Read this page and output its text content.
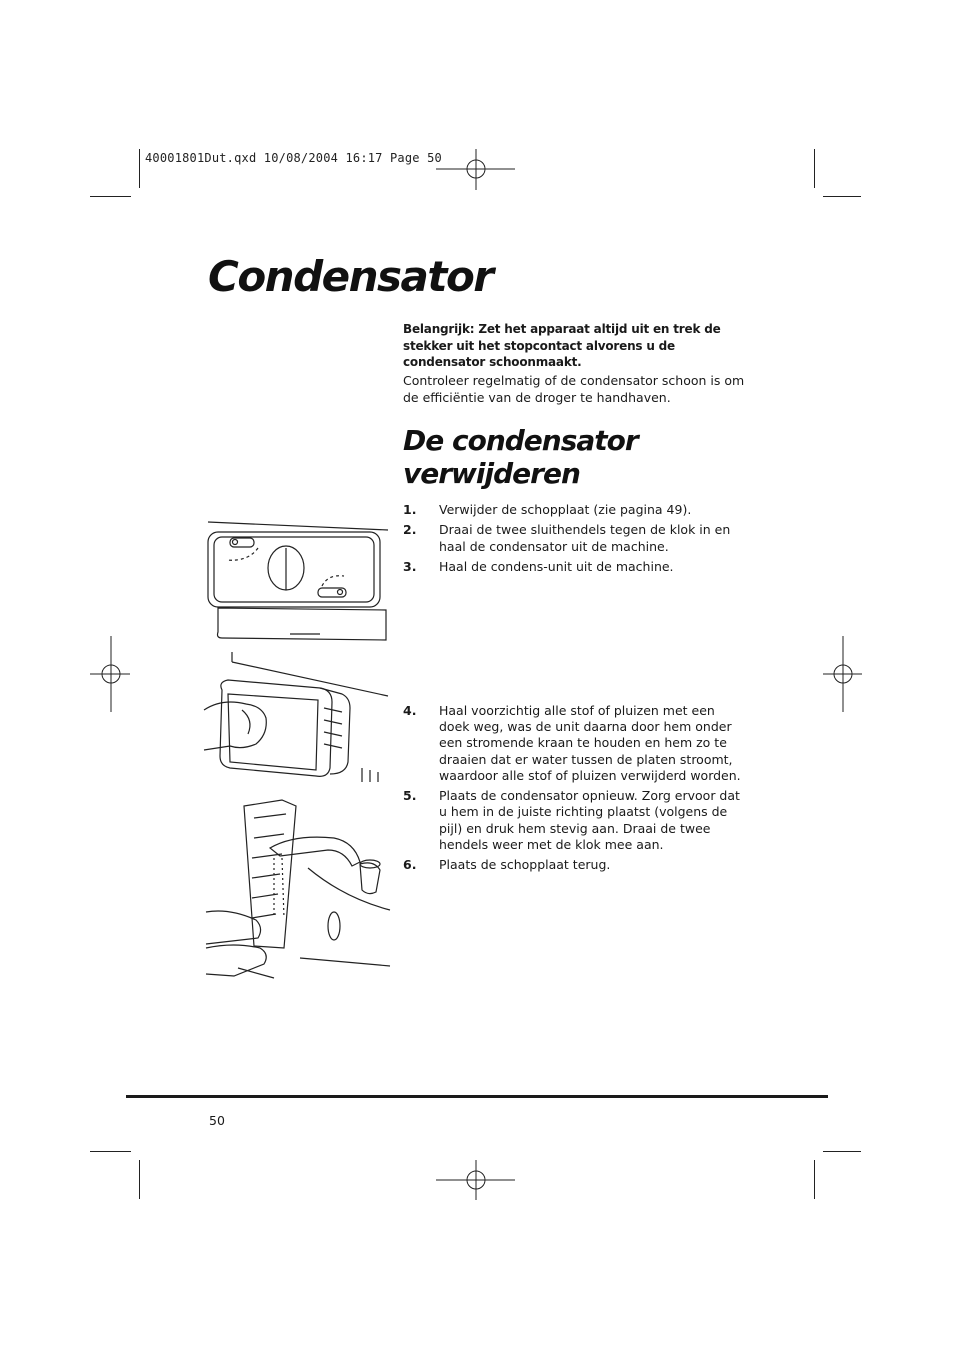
40001801Dut.qxd 10/08/2004 16:17 Page 50
Condensator

Belangrijk: Zet het apparaat altijd uit en trek de stekker uit het stopcontact alvorens u de condensator schoonmaakt.

Controleer regelmatig of de condensator schoon is om de efficiëntie van de droger te handhaven.

De condensator
verwijderen
1.	Verwijder de schopplaat (zie pagina 49).
2.	Draai de twee sluithendels tegen de klok in en haal de condensator uit de machine.
3.	Haal de condens-unit uit de machine.
4.	Haal voorzichtig alle stof of pluizen met een doek weg, was de unit daarna door hem onder een stromende kraan te houden en hem zo te draaien dat er water tussen de platen stroomt, waardoor alle stof of pluizen verwijderd worden.
5.	Plaats de condensator opnieuw. Zorg ervoor dat u hem in de juiste richting plaatst (volgens de pijl) en druk hem stevig aan. Draai de twee hendels weer met de klok mee aan.
6.	Plaats de schopplaat terug.

50
